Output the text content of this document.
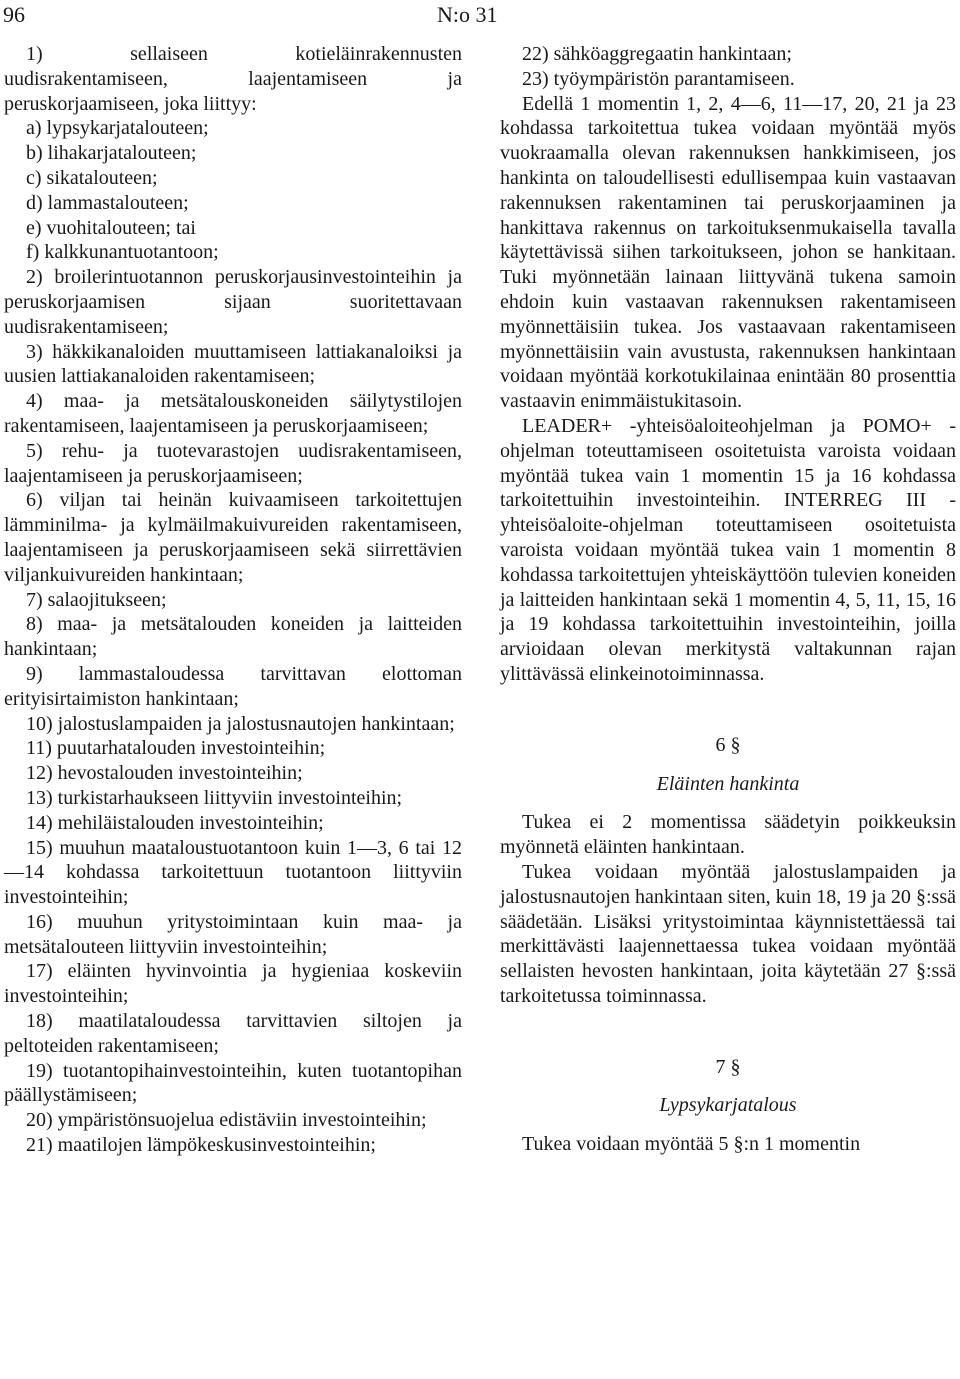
96	N:o 31

1) sellaiseen kotieläinrakennusten uudisrakentamiseen, laajentamiseen ja peruskorjaamiseen, joka liittyy:

a) lypsykarjatalouteen;

b) lihakarjatalouteen;

c) sikatalouteen;

d) lammastalouteen;

e) vuohitalouteen; tai

f) kalkkunantuotantoon;

2) broilerintuotannon peruskorjausinvestointeihin ja peruskorjaamisen sijaan suoritettavaan uudisrakentamiseen;

3) häkkikanaloiden muuttamiseen lattiakanaloiksi ja uusien lattiakanaloiden rakentamiseen;

4) maa- ja metsätalouskoneiden säilytystilojen rakentamiseen, laajentamiseen ja peruskorjaamiseen;

5) rehu- ja tuotevarastojen uudisrakentamiseen, laajentamiseen ja peruskorjaamiseen;

6) viljan tai heinän kuivaamiseen tarkoitettujen lämminilma- ja kylmäilmakuivureiden rakentamiseen, laajentamiseen ja peruskorjaamiseen sekä siirrettävien viljankuivureiden hankintaan;

7) salaojitukseen;

8) maa- ja metsätalouden koneiden ja laitteiden hankintaan;

9) lammastaloudessa tarvittavan elottoman erityisirtaimiston hankintaan;

10) jalostuslampaiden ja jalostusnautojen hankintaan;

11) puutarhatalouden investointeihin;

12) hevostalouden investointeihin;

13) turkistarhaukseen liittyviin investointeihin;

14) mehiläistalouden investointeihin;

15) muuhun maataloustuotantoon kuin 1—3, 6 tai 12—14 kohdassa tarkoitettuun tuotantoon liittyviin investointeihin;

16) muuhun yritystoimintaan kuin maa- ja metsätalouteen liittyviin investointeihin;

17) eläinten hyvinvointia ja hygieniaa koskeviin investointeihin;

18) maatilataloudessa tarvittavien siltojen ja peltoteiden rakentamiseen;

19) tuotantopihainvestointeihin, kuten tuotantopihan päällystämiseen;

20) ympäristönsuojelua edistäviin investointeihin;

21) maatilojen lämpökeskusinvestointeihin;

22) sähköaggregaatin hankintaan;

23) työympäristön parantamiseen.

Edellä 1 momentin 1, 2, 4—6, 11—17, 20, 21 ja 23 kohdassa tarkoitettua tukea voidaan myöntää myös vuokraamalla olevan rakennuksen hankkimiseen, jos hankinta on taloudellisesti edullisempaa kuin vastaavan rakennuksen rakentaminen tai peruskorjaaminen ja hankittava rakennus on tarkoituksenmukaisella tavalla käytettävissä siihen tarkoitukseen, johon se hankitaan. Tuki myönnetään lainaan liittyvänä tukena samoin ehdoin kuin vastaavan rakennuksen rakentamiseen myönnettäisiin tukea. Jos vastaavaan rakentamiseen myönnettäisiin vain avustusta, rakennuksen hankintaan voidaan myöntää korkotukilainaa enintään 80 prosenttia vastaavin enimmäistukitasoin.

LEADER+ -yhteisöaloiteohjelman ja POMO+ -ohjelman toteuttamiseen osoitetuista varoista voidaan myöntää tukea vain 1 momentin 15 ja 16 kohdassa tarkoitettuihin investointeihin. INTERREG III -yhteisöaloite-ohjelman toteuttamiseen osoitetuista varoista voidaan myöntää tukea vain 1 momentin 8 kohdassa tarkoitettujen yhteiskäyttöön tulevien koneiden ja laitteiden hankintaan sekä 1 momentin 4, 5, 11, 15, 16 ja 19 kohdassa tarkoitettuihin investointeihin, joilla arvioidaan olevan merkitystä valtakunnan rajan ylittävässä elinkeinotoiminnassa.

6 §

Eläinten hankinta

Tukea ei 2 momentissa säädetyin poikkeuksin myönnetä eläinten hankintaan.

Tukea voidaan myöntää jalostuslampaiden ja jalostusnautojen hankintaan siten, kuin 18, 19 ja 20 §:ssä säädetään. Lisäksi yritystoimintaa käynnistettäessä tai merkittävästi laajennettaessa tukea voidaan myöntää sellaisten hevosten hankintaan, joita käytetään 27 §:ssä tarkoitetussa toiminnassa.

7 §

Lypsykarjatalous

Tukea voidaan myöntää 5 §:n 1 momentin
